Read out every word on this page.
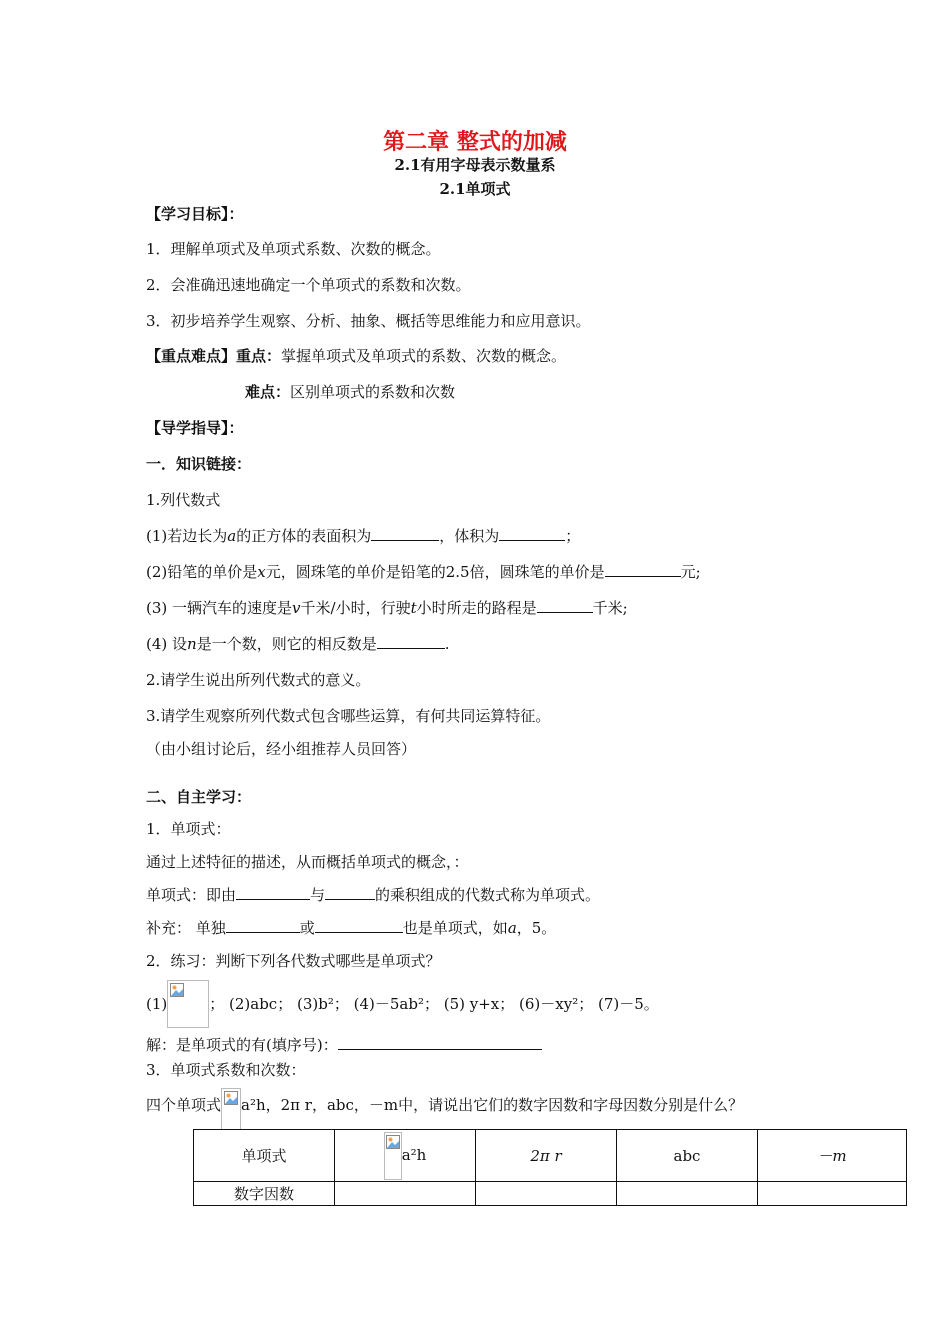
第二章 整式的加减
2.1有用字母表示数量系
2.1单项式
【学习目标】：
1．理解单项式及单项式系数、次数的概念。
2．会准确迅速地确定一个单项式的系数和次数。
3．初步培养学生观察、分析、抽象、概括等思维能力和应用意识。
【重点难点】重点：掌握单项式及单项式的系数、次数的概念。
难点：区别单项式的系数和次数
【导学指导】：
一．知识链接：
1.列代数式
(1)若边长为a的正方体的表面积为	，体积为	；
(2)铅笔的单价是x元，圆珠笔的单价是铅笔的2.5倍，圆珠笔的单价是	元;
(3) 一辆汽车的速度是v千米/小时，行驶t小时所走的路程是	千米;
(4) 设n是一个数，则它的相反数是	.
2.请学生说出所列代数式的意义。
3.请学生观察所列代数式包含哪些运算，有何共同运算特征。
（由小组讨论后，经小组推荐人员回答）
二、自主学习：
1．单项式：
通过上述特征的描述，从而概括单项式的概念，：
单项式：即由	与	的乘积组成的代数式称为单项式。
补充： 单独	或	也是单项式，如a，5。
2．练习：判断下列各代数式哪些是单项式？
(1)	； (2)abc； (3)b²； (4)－5ab²； (5) y+x； (6)－xy²； (7)－5。
解：是单项式的有(填序号)：
3．单项式系数和次数：
四个单项式 a²h，2π r，abc，－m中，请说出它们的数字因数和字母因数分别是什么？
单项式	a²h	2π r	abc	－m
数字因数				
